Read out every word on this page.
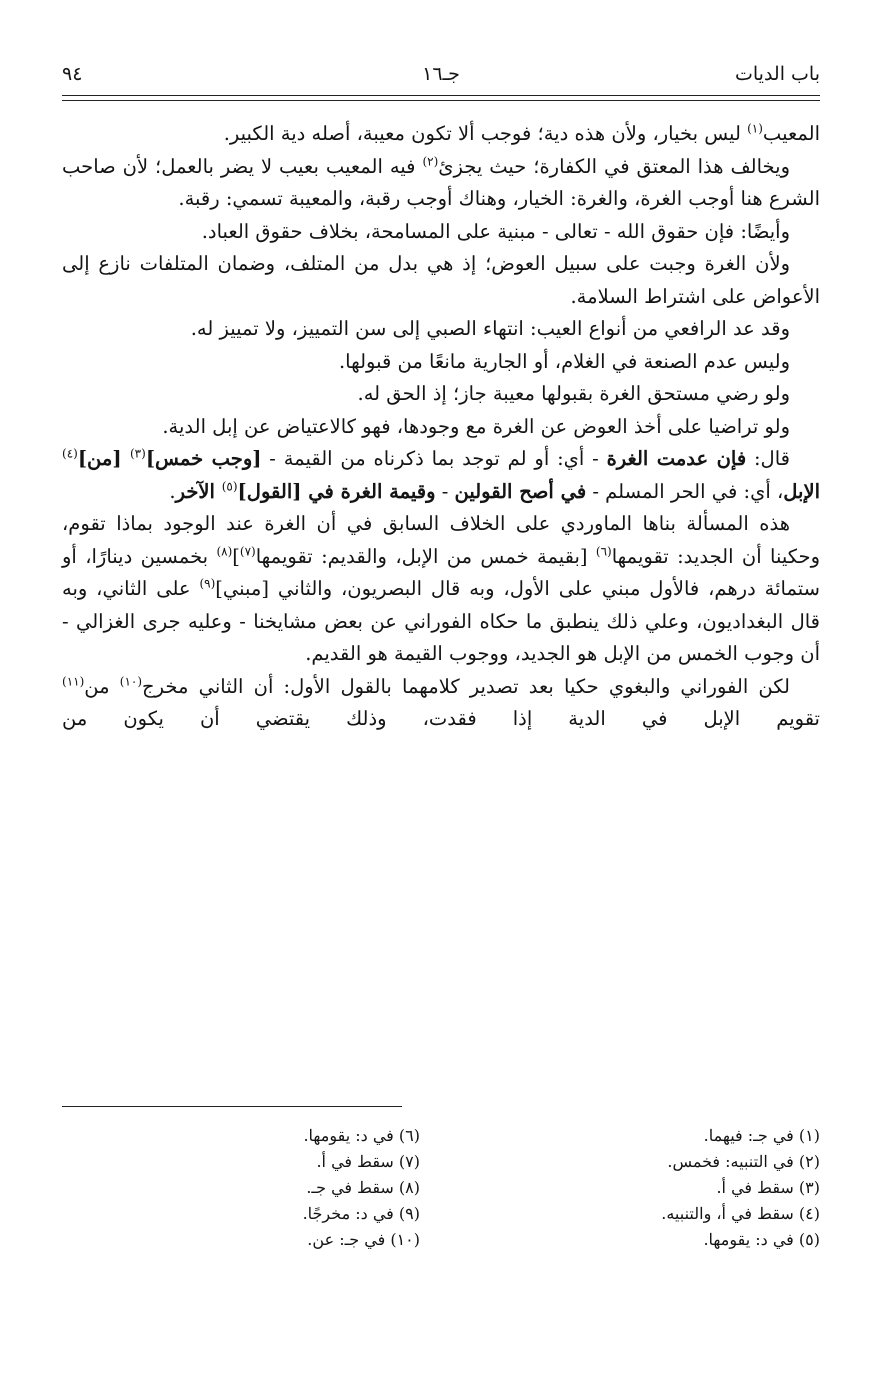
باب الديات
جـ١٦
٩٤

المعيب$^{(١)}$ ليس بخيار، ولأن هذه دية؛ فوجب ألا تكون معيبة، أصله دية الكبير.

ويخالف هذا المعتق في الكفارة؛ حيث يجزئ$^{(٢)}$ فيه المعيب بعيب لا يضر بالعمل؛ لأن صاحب الشرع هنا أوجب الغرة، والغرة: الخيار، وهناك أوجب رقبة، والمعيبة تسمي: رقبة.

وأيضًا: فإن حقوق الله - تعالى - مبنية على المسامحة، بخلاف حقوق العباد.

ولأن الغرة وجبت على سبيل العوض؛ إذ هي بدل من المتلف، وضمان المتلفات نازع إلى الأعواض على اشتراط السلامة.

وقد عد الرافعي من أنواع العيب: انتهاء الصبي إلى سن التمييز، ولا تمييز له.

وليس عدم الصنعة في الغلام، أو الجارية مانعًا من قبولها.

ولو رضي مستحق الغرة بقبولها معيبة جاز؛ إذ الحق له.

ولو تراضيا على أخذ العوض عن الغرة مع وجودها، فهو كالاعتياض عن إبل الدية.

قال: فإن عدمت الغرة - أي: أو لم توجد بما ذكرناه من القيمة - [وجب خمس]$^{(٣)}$ [من]$^{(٤)}$ الإبل، أي: في الحر المسلم - في أصح القولين - وقيمة الغرة في [القول]$^{(٥)}$ الآخر.

هذه المسألة بناها الماوردي على الخلاف السابق في أن الغرة عند الوجود بماذا تقوم، وحكينا أن الجديد: تقويمها$^{(٦)}$ [بقيمة خمس من الإبل، والقديم: تقويمها$^{(٧)}$]$^{(٨)}$ بخمسين دينارًا، أو ستمائة درهم، فالأول مبني على الأول، وبه قال البصريون، والثاني [مبني]$^{(٩)}$ على الثاني، وبه قال البغداديون، وعلي ذلك ينطبق ما حكاه الفوراني عن بعض مشايخنا - وعليه جرى الغزالي - أن وجوب الخمس من الإبل هو الجديد، ووجوب القيمة هو القديم.

لكن الفوراني والبغوي حكيا بعد تصدير كلامهما بالقول الأول: أن الثاني مخرج$^{(١٠)}$ من$^{(١١)}$ تقويم الإبل في الدية إذا فقدت، وذلك يقتضي أن يكون من

(١) في جـ: فيهما.
(٢) في التنبيه: فخمس.
(٣) سقط في أ.
(٤) سقط في أ، والتنبيه.
(٥) في د: يقومها.
(٦) في د: يقومها.
(٧) سقط في أ.
(٨) سقط في جـ.
(٩) في د: مخرجًا.
(١٠) في جـ: عن.
